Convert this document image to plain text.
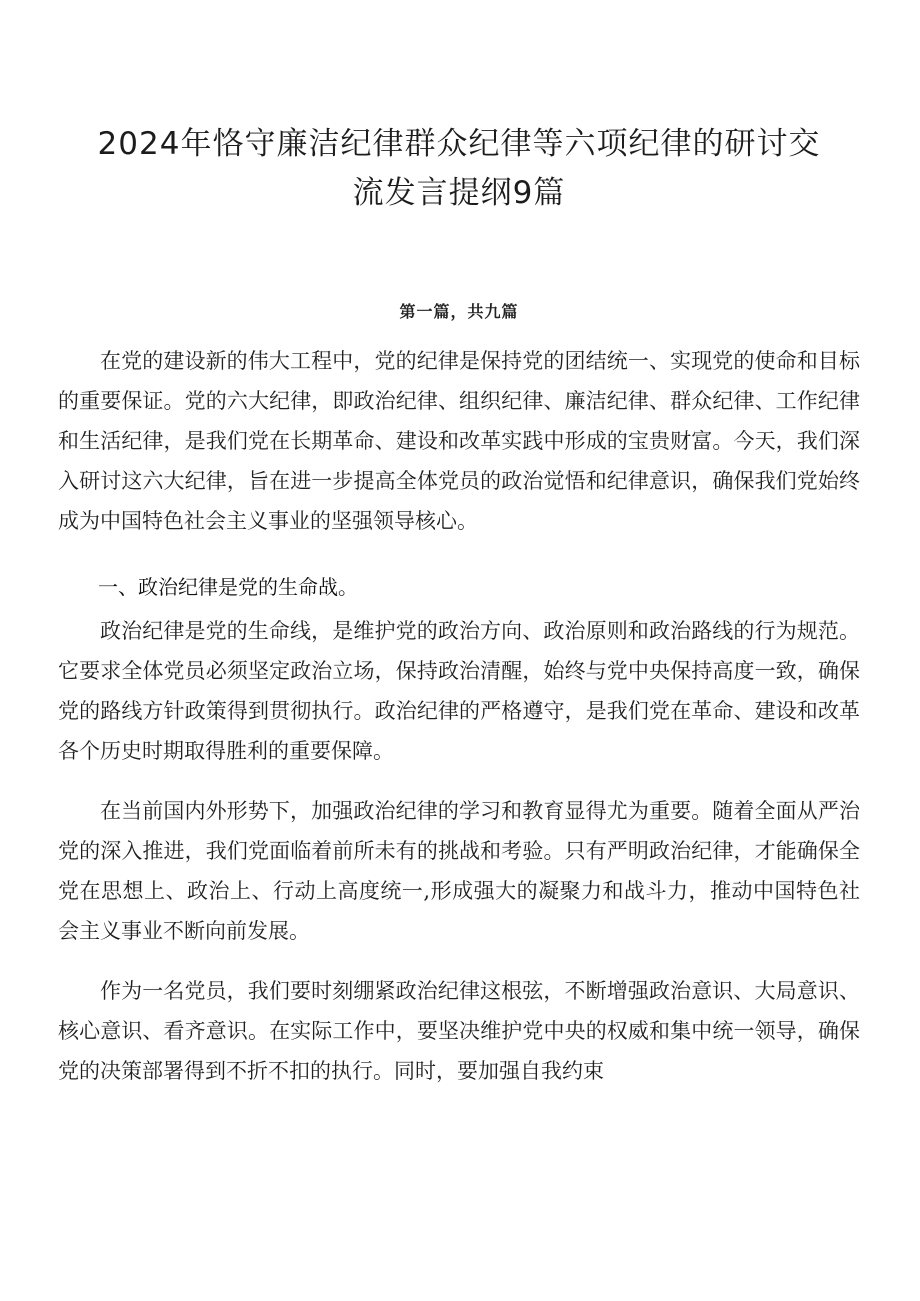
2024年恪守廉洁纪律群众纪律等六项纪律的研讨交流发言提纲9篇
第一篇，共九篇

在党的建设新的伟大工程中，党的纪律是保持党的团结统一、实现党的使命和目标的重要保证。党的六大纪律，即政治纪律、组织纪律、廉洁纪律、群众纪律、工作纪律和生活纪律，是我们党在长期革命、建设和改革实践中形成的宝贵财富。今天，我们深入研讨这六大纪律，旨在进一步提高全体党员的政治觉悟和纪律意识，确保我们党始终成为中国特色社会主义事业的坚强领导核心。

一、政治纪律是党的生命战。

政治纪律是党的生命线，是维护党的政治方向、政治原则和政治路线的行为规范。它要求全体党员必须坚定政治立场，保持政治清醒，始终与党中央保持高度一致，确保党的路线方针政策得到贯彻执行。政治纪律的严格遵守，是我们党在革命、建设和改革各个历史时期取得胜利的重要保障。

在当前国内外形势下，加强政治纪律的学习和教育显得尤为重要。随着全面从严治党的深入推进，我们党面临着前所未有的挑战和考验。只有严明政治纪律，才能确保全党在思想上、政治上、行动上高度统一,形成强大的凝聚力和战斗力，推动中国特色社会主义事业不断向前发展。

作为一名党员，我们要时刻绷紧政治纪律这根弦，不断增强政治意识、大局意识、核心意识、看齐意识。在实际工作中，要坚决维护党中央的权威和集中统一领导，确保党的决策部署得到不折不扣的执行。同时，要加强自我约束
